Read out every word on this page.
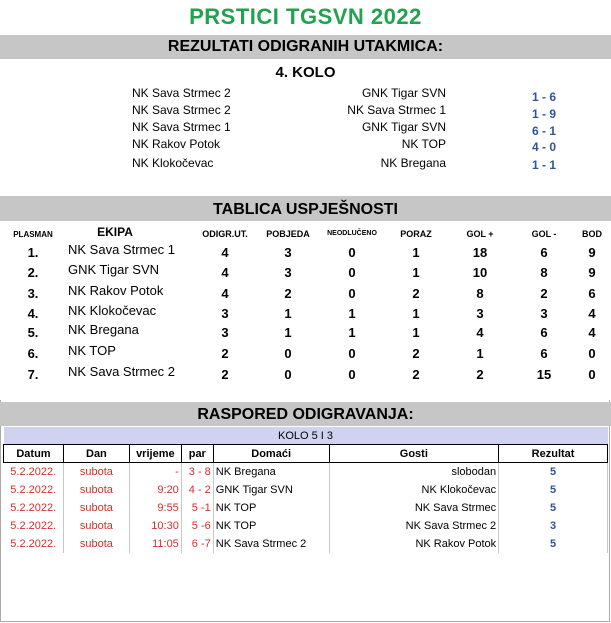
PRSTICI TGSVN 2022
REZULTATI ODIGRANIH UTAKMICA:
4. KOLO
NK Sava Strmec 2	GNK Tigar SVN	1 - 6
NK Sava Strmec 2	NK Sava Strmec 1	1 - 9
NK Sava Strmec 1	GNK Tigar SVN	6 - 1
NK Rakov Potok	NK TOP	4 - 0
NK Klokočevac	NK Bregana	1 - 1
TABLICA USPJEŠNOSTI
PLASMAN	EKIPA	ODIGR.UT.	POBJEDA	NEODLUČENO	PORAZ	GOL +	GOL -	BOD
1.	NK Sava Strmec 1	4	3	0	1	18	6	9
2.	GNK Tigar SVN	4	3	0	1	10	8	9
3.	NK Rakov Potok	4	2	0	2	8	2	6
4.	NK Klokočevac	3	1	1	1	3	3	4
5.	NK Bregana	3	1	1	1	4	6	4
6.	NK TOP	2	0	0	2	1	6	0
7.	NK Sava Strmec 2	2	0	0	2	2	15	0
RASPORED ODIGRAVANJA:
KOLO 5 I 3						
Datum	Dan	vrijeme	par	Domaći	Gosti	Rezultat
5.2.2022.	subota	-	3 - 8	NK Bregana	slobodan	5
5.2.2022.	subota	9:20	4 - 2	GNK Tigar SVN	NK Klokočevac	5
5.2.2022.	subota	9:55	5 -1	NK TOP	NK Sava Strmec	5
5.2.2022.	subota	10:30	5 -6	NK TOP	NK Sava Strmec 2	3
5.2.2022.	subota	11:05	6 -7	NK Sava Strmec 2	NK Rakov Potok	5
